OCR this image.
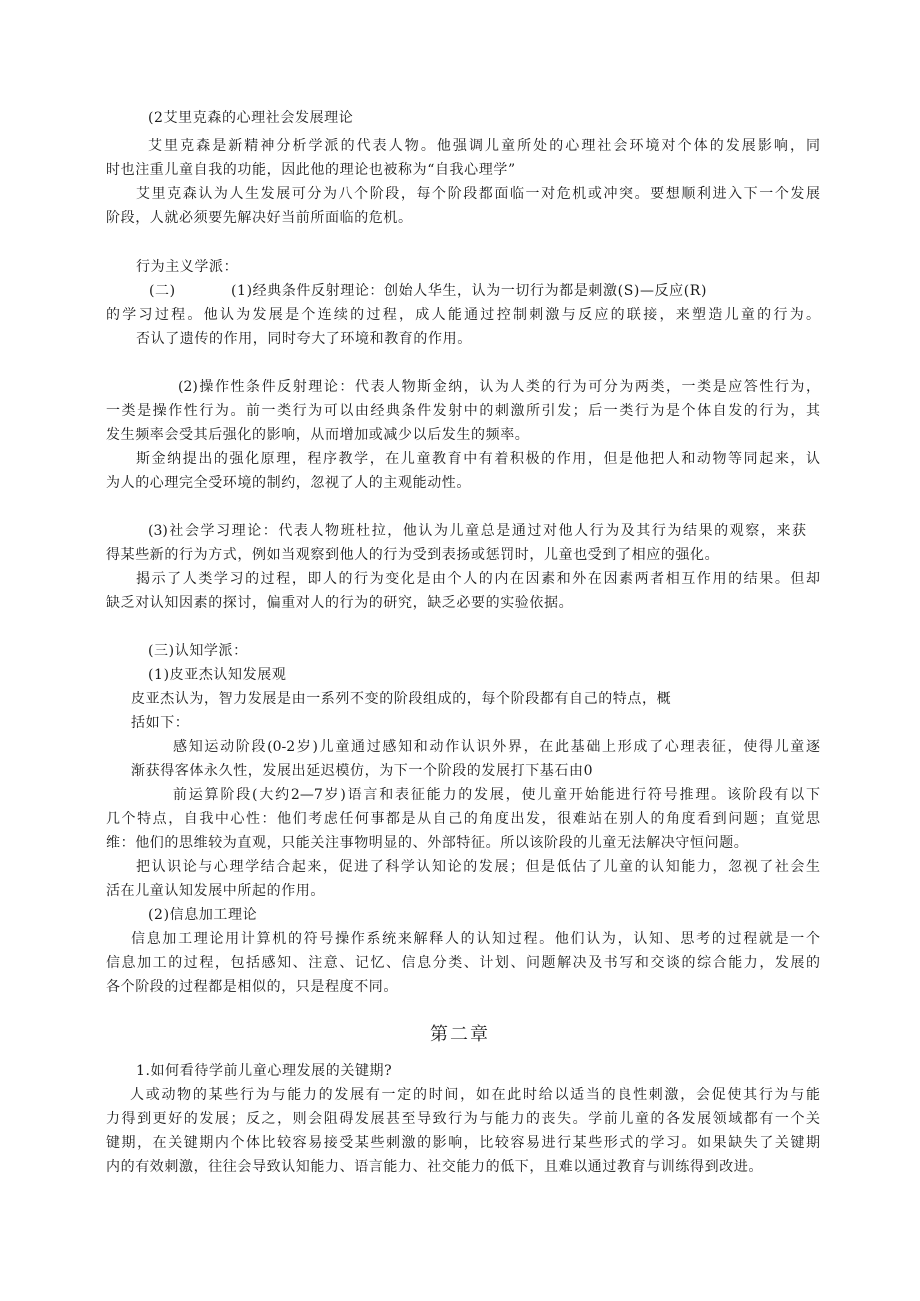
(2艾里克森的心理社会发展理论
艾里克森是新精神分析学派的代表人物。他强调儿童所处的心理社会环境对个体的发展影响，同
时也注重儿童自我的功能，因此他的理论也被称为“自我心理学”
艾里克森认为人生发展可分为八个阶段，每个阶段都面临一对危机或冲突。要想顺利进入下一个发展
阶段，人就必须要先解决好当前所面临的危机。
行为主义学派：
(二)	(1)经典条件反射理论：创始人华生，认为一切行为都是刺激(S)—反应(R)
的学习过程。他认为发展是个连续的过程，成人能通过控制刺激与反应的联接，来塑造儿童的行为。
否认了遗传的作用，同时夸大了环境和教育的作用。
(2)操作性条件反射理论：代表人物斯金纳，认为人类的行为可分为两类，一类是应答性行为，
一类是操作性行为。前一类行为可以由经典条件发射中的刺激所引发；后一类行为是个体自发的行为，其
发生频率会受其后强化的影响，从而增加或减少以后发生的频率。
斯金纳提出的强化原理，程序教学，在儿童教育中有着积极的作用，但是他把人和动物等同起来，认
为人的心理完全受环境的制约，忽视了人的主观能动性。
(3)社会学习理论：代表人物班杜拉，他认为儿童总是通过对他人行为及其行为结果的观察，来获
得某些新的行为方式，例如当观察到他人的行为受到表扬或惩罚时，儿童也受到了相应的强化。
揭示了人类学习的过程，即人的行为变化是由个人的内在因素和外在因素两者相互作用的结果。但却
缺乏对认知因素的探讨，偏重对人的行为的研究，缺乏必要的实验依据。
(三)认知学派：
(1)皮亚杰认知发展观
皮亚杰认为，智力发展是由一系列不变的阶段组成的，每个阶段都有自己的特点，概
括如下：
感知运动阶段(0-2岁)儿童通过感知和动作认识外界，在此基础上形成了心理表征，使得儿童逐
渐获得客体永久性，发展出延迟模仿，为下一个阶段的发展打下基石由0
前运算阶段(大约2—7岁)语言和表征能力的发展，使儿童开始能进行符号推理。该阶段有以下
几个特点，自我中心性：他们考虑任何事都是从自己的角度出发，很难站在别人的角度看到问题；直觉思
维：他们的思维较为直观，只能关注事物明显的、外部特征。所以该阶段的儿童无法解决守恒问题。
把认识论与心理学结合起来，促进了科学认知论的发展；但是低估了儿童的认知能力，忽视了社会生
活在儿童认知发展中所起的作用。
(2)信息加工理论
信息加工理论用计算机的符号操作系统来解释人的认知过程。他们认为，认知、思考的过程就是一个
信息加工的过程，包括感知、注意、记忆、信息分类、计划、问题解决及书写和交谈的综合能力，发展的
各个阶段的过程都是相似的，只是程度不同。
第二章
1.如何看待学前儿童心理发展的关键期?
人或动物的某些行为与能力的发展有一定的时间，如在此时给以适当的良性刺激，会促使其行为与能
力得到更好的发展；反之，则会阻碍发展甚至导致行为与能力的丧失。学前儿童的各发展领域都有一个关
键期，在关键期内个体比较容易接受某些刺激的影响，比较容易进行某些形式的学习。如果缺失了关键期
内的有效刺激，往往会导致认知能力、语言能力、社交能力的低下，且难以通过教育与训练得到改进。
